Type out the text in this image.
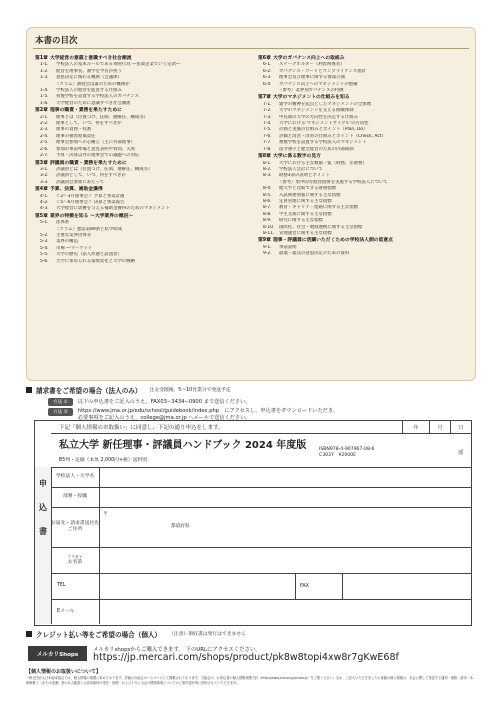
本書の目次
第1章 大学経営の意義と意識すべき社会潮流
1-1.	学校法人の基本ルールである寄附行為 ―民間企業でいう定款―
1-2.	経営を理事長、教学を学長が担う
1-3.	意思決定に関わる機関（会議体）
〈コラム〉教授会は誰のための機関か
1-4.	学校法人の経営を監査する仕組み
1-5.	我慢学校を設置する学校法人のガバナンス
1-6.	大学経営のために意識すべき社会潮流
第2章 理事の職責・責務を果たすために
2-1.	理事とは（位置づけ、任期、選解任、構成等）
2-2.	理事として、いつ、何をすべきか
2-3.	理事の責務・役割
2-4.	理事の損害賠償責任
2-5.	理事会参加への心構え（主に外部理事）
2-6.	参加の事前準備と意見表明や質問、欠席
2-7.	予算・決算以外の理事会での議題への対応
第3章 評議員の職責・責務を果たすために
3-1.	評議員とは（位置づけ、任期、選解任、構成等）
3-2.	評議員として、いつ、何をすべきか
3-3.	評議員会参加にあたって
第4章 予算、決算、補助金獲得
4-1.	＜2〜3月理事会＞ 予算と事業計画
4-2.	＜5〜6月理事会＞ 決算と事業報告
4-3.	大学経営に影響を与える補助金獲得のためのマネジメント
第5章 業界の特徴を知る 〜大学業界の概況〜
5-1.	法体系
〈コラム〉憲法第89条と私学助成
5-2.	主要な業界団体等
5-3.	業界の構造
5-4.	市場 ―マーケット
5-5.	大学の歴史（法人形態と設置者）
5-6.	大学に求められる環境変化と大学の戦略
第6章 大学のガバナンス向上への取組み
6-1.	ステークホルダー（利害関係者）
6-2.	ガバナンス・コードとコンプライアンス指針
6-3.	理事会及び理事に関する情報公開
6-4.	ガバナンス向上へのマネジメントの整備
〈参考〉業界別ガバナンスの特徴
第7章 大学のマネジメントの仕組みを知る
7-1.	建学の精神を起点としたマネジメントの全体像
7-2.	大学のマネジメントを支える組織体制
7-3.	中長期の大学の方向性を決定する仕組み
7-4.	大学における'マネジメントサイクル'の方向性
7-5.	計画と実施の仕組みとポイント（Plan, Do）
7-6.	評価と改善・改革の仕組みとポイント（Check, Act）
7-7.	複数学校を設置する学校法人のマネジメント
7-8.	法令遵守と健全経営のための内部統制
第8章 大学に係る数字の見方
8-1.	大学における主な数値一覧（財務、非財務）
8-2.	学校法人会計について
8-3.	財務3表の説明とポイント
〈参考〉集中的な経営指導を実施する学校法人について
8-4.	他大学と比較できる財務指標
8-5.	入試関連情報に関する主な指標
8-6.	定員管理に関する主な指標
8-7.	教育・キャリア・進路に関する主な指標
8-8.	学生支援に関する主な指標
8-9.	研究に関する主な指標
8-10.	国際化、社会・地域連携に関する主な指標
8-11.	管理運営に関する主な指標
第9章 理事・評議員に活躍いただくための学校法人側の留意点
9-1.	事前説明
9-2.	最適・最良の意思決定のための資料
請求書をご希望の場合（法人のみ） 注文受理後、5〜10営業日で発送予定
方法 ①	以下の申込書をご記入のうえ、FAX03−3434−0900 まで送信ください。
方法 ②	https://www.jma.or.jp/edu/school/guidebook/index.php　にアクセスし、申込書をダウンロードいただき、
必要事項をご記入のうえ、college@jma.or.jp へメールで送信ください。
申
込
書
下記「個人情報のお取扱い」に同意し、下記の通り申込をします。	年	月	日
私立大学 新任理事・評議員ハンドブック 2024 年度版
B5判・定価（本体 2,000円+税）送料別
ISBN978-4-907967-08-6
C3037　¥2000E	部
学校法人・大学名
部署・役職
お届先・請求書送付先ご住所
〒
都道府県
フリガナ
お名前
TEL	FAX
Eメール
クレジット払い等をご希望の場合（個人） （注意）領収書は発行はできません
メルカリShops
メルカリshopsからご購入できます。 下のURLにアクセスください。
https://jp.mercari.com/shops/product/pk8w8topi4xw8r7gKwE68f
【個人情報のお取扱いについて】
一般社団法人日本能率協会では、個人情報の保護に努めております。詳細は当協会ホームページにて掲載されております。当協会は、お申込者の個人情報保護方針（http://www.jma.or.jp/privacy/）をご覧ください。なお、ご記入いただきましたお客様の個人情報は、本会に関して発送する通知・連絡・請求・本研修修了（または受講）者の本人確認と公認用資料の受付・管理・および十分に当会の関連事業についてのご案内送付等に使用させていただきます。
